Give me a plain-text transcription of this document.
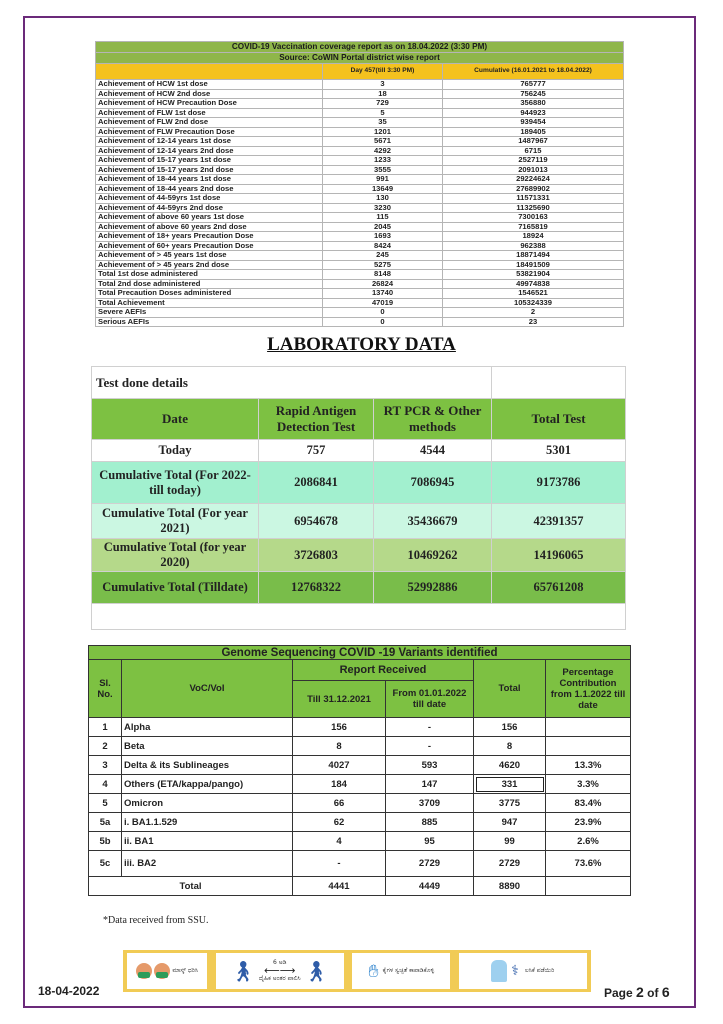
COVID-19 Vaccination coverage report as on 18.04.2022 (3:30 PM)		
Source: CoWIN Portal district wise report		
	Day 457(till 3:30 PM)	Cumulative (16.01.2021 to 18.04.2022)
Achievement of HCW 1st dose	3	765777
Achievement of HCW 2nd dose	18	756245
Achievement of HCW Precaution Dose	729	356880
Achievement of FLW 1st dose	5	944923
Achievement of FLW 2nd dose	35	939454
Achievement of FLW Precaution Dose	1201	189405
Achievement of 12-14 years 1st dose	5671	1487967
Achievement of 12-14 years 2nd dose	4292	6715
Achievement of 15-17 years 1st dose	1233	2527119
Achievement of 15-17 years 2nd dose	3555	2091013
Achievement of 18-44 years 1st dose	991	29224624
Achievement of 18-44 years 2nd dose	13649	27689902
Achievement of 44-59yrs 1st dose	130	11571331
Achievement of 44-59yrs 2nd dose	3230	11325690
Achievement of above 60 years 1st dose	115	7300163
Achievement of above 60 years 2nd dose	2045	7165819
Achievement of 18+ years Precaution Dose	1693	18924
Achievement of 60+ years Precaution Dose	8424	962388
Achievement of > 45 years 1st dose	245	18871494
Achievement of > 45 years 2nd dose	5275	18491509
Total 1st dose administered	8148	53821904
Total 2nd dose administered	26824	49974838
Total Precaution Doses administered	13740	1546521
Total Achievement	47019	105324339
Severe AEFIs	0	2
Serious AEFIs	0	23
LABORATORY DATA
Test done details			
Date	Rapid Antigen Detection Test	RT PCR & Other methods	Total Test
Today	757	4544	5301
Cumulative Total (For 2022- till today)	2086841	7086945	9173786
Cumulative Total (For year 2021)	6954678	35436679	42391357
Cumulative Total (for year 2020)	3726803	10469262	14196065
Cumulative Total (Tilldate)	12768322	52992886	65761208

Genome Sequencing COVID -19 Variants identified					
Sl. No.	VoC/VoI	Report Received		Total	Percentage Contribution from 1.1.2022 till date
		Till 31.12.2021	From 01.01.2022 till date		
1	Alpha	156	-	156	
2	Beta	8	-	8	
3	Delta & its Sublineages	4027	593	4620	13.3%
4	Others (ETA/kappa/pango)	184	147	331	3.3%
5	Omicron	66	3709	3775	83.4%
5a	i. BA1.1.529	62	885	947	23.9%
5b	ii. BA1	4	95	99	2.6%
5c	iii. BA2	-	2729	2729	73.6%
Total		4441	4449	8890	
*Data received from SSU.
ಮಾಸ್ಕ್ ಧರಿಸಿ 🚶︎	6 ಅಡಿ
⟵⟶
ದೈಹಿಕ ಅಂತರ ಪಾಲಿಸಿ 🚶︎ ✋︎ ಕೈಗಳ ಸ್ವಚ್ಛತೆ ಕಾಪಾಡಿಕೊಳ್ಳಿ	⚕︎ ಲಸಿಕೆ ಪಡೆಯಿರಿ
18-04-2022	Page 2 of 6
